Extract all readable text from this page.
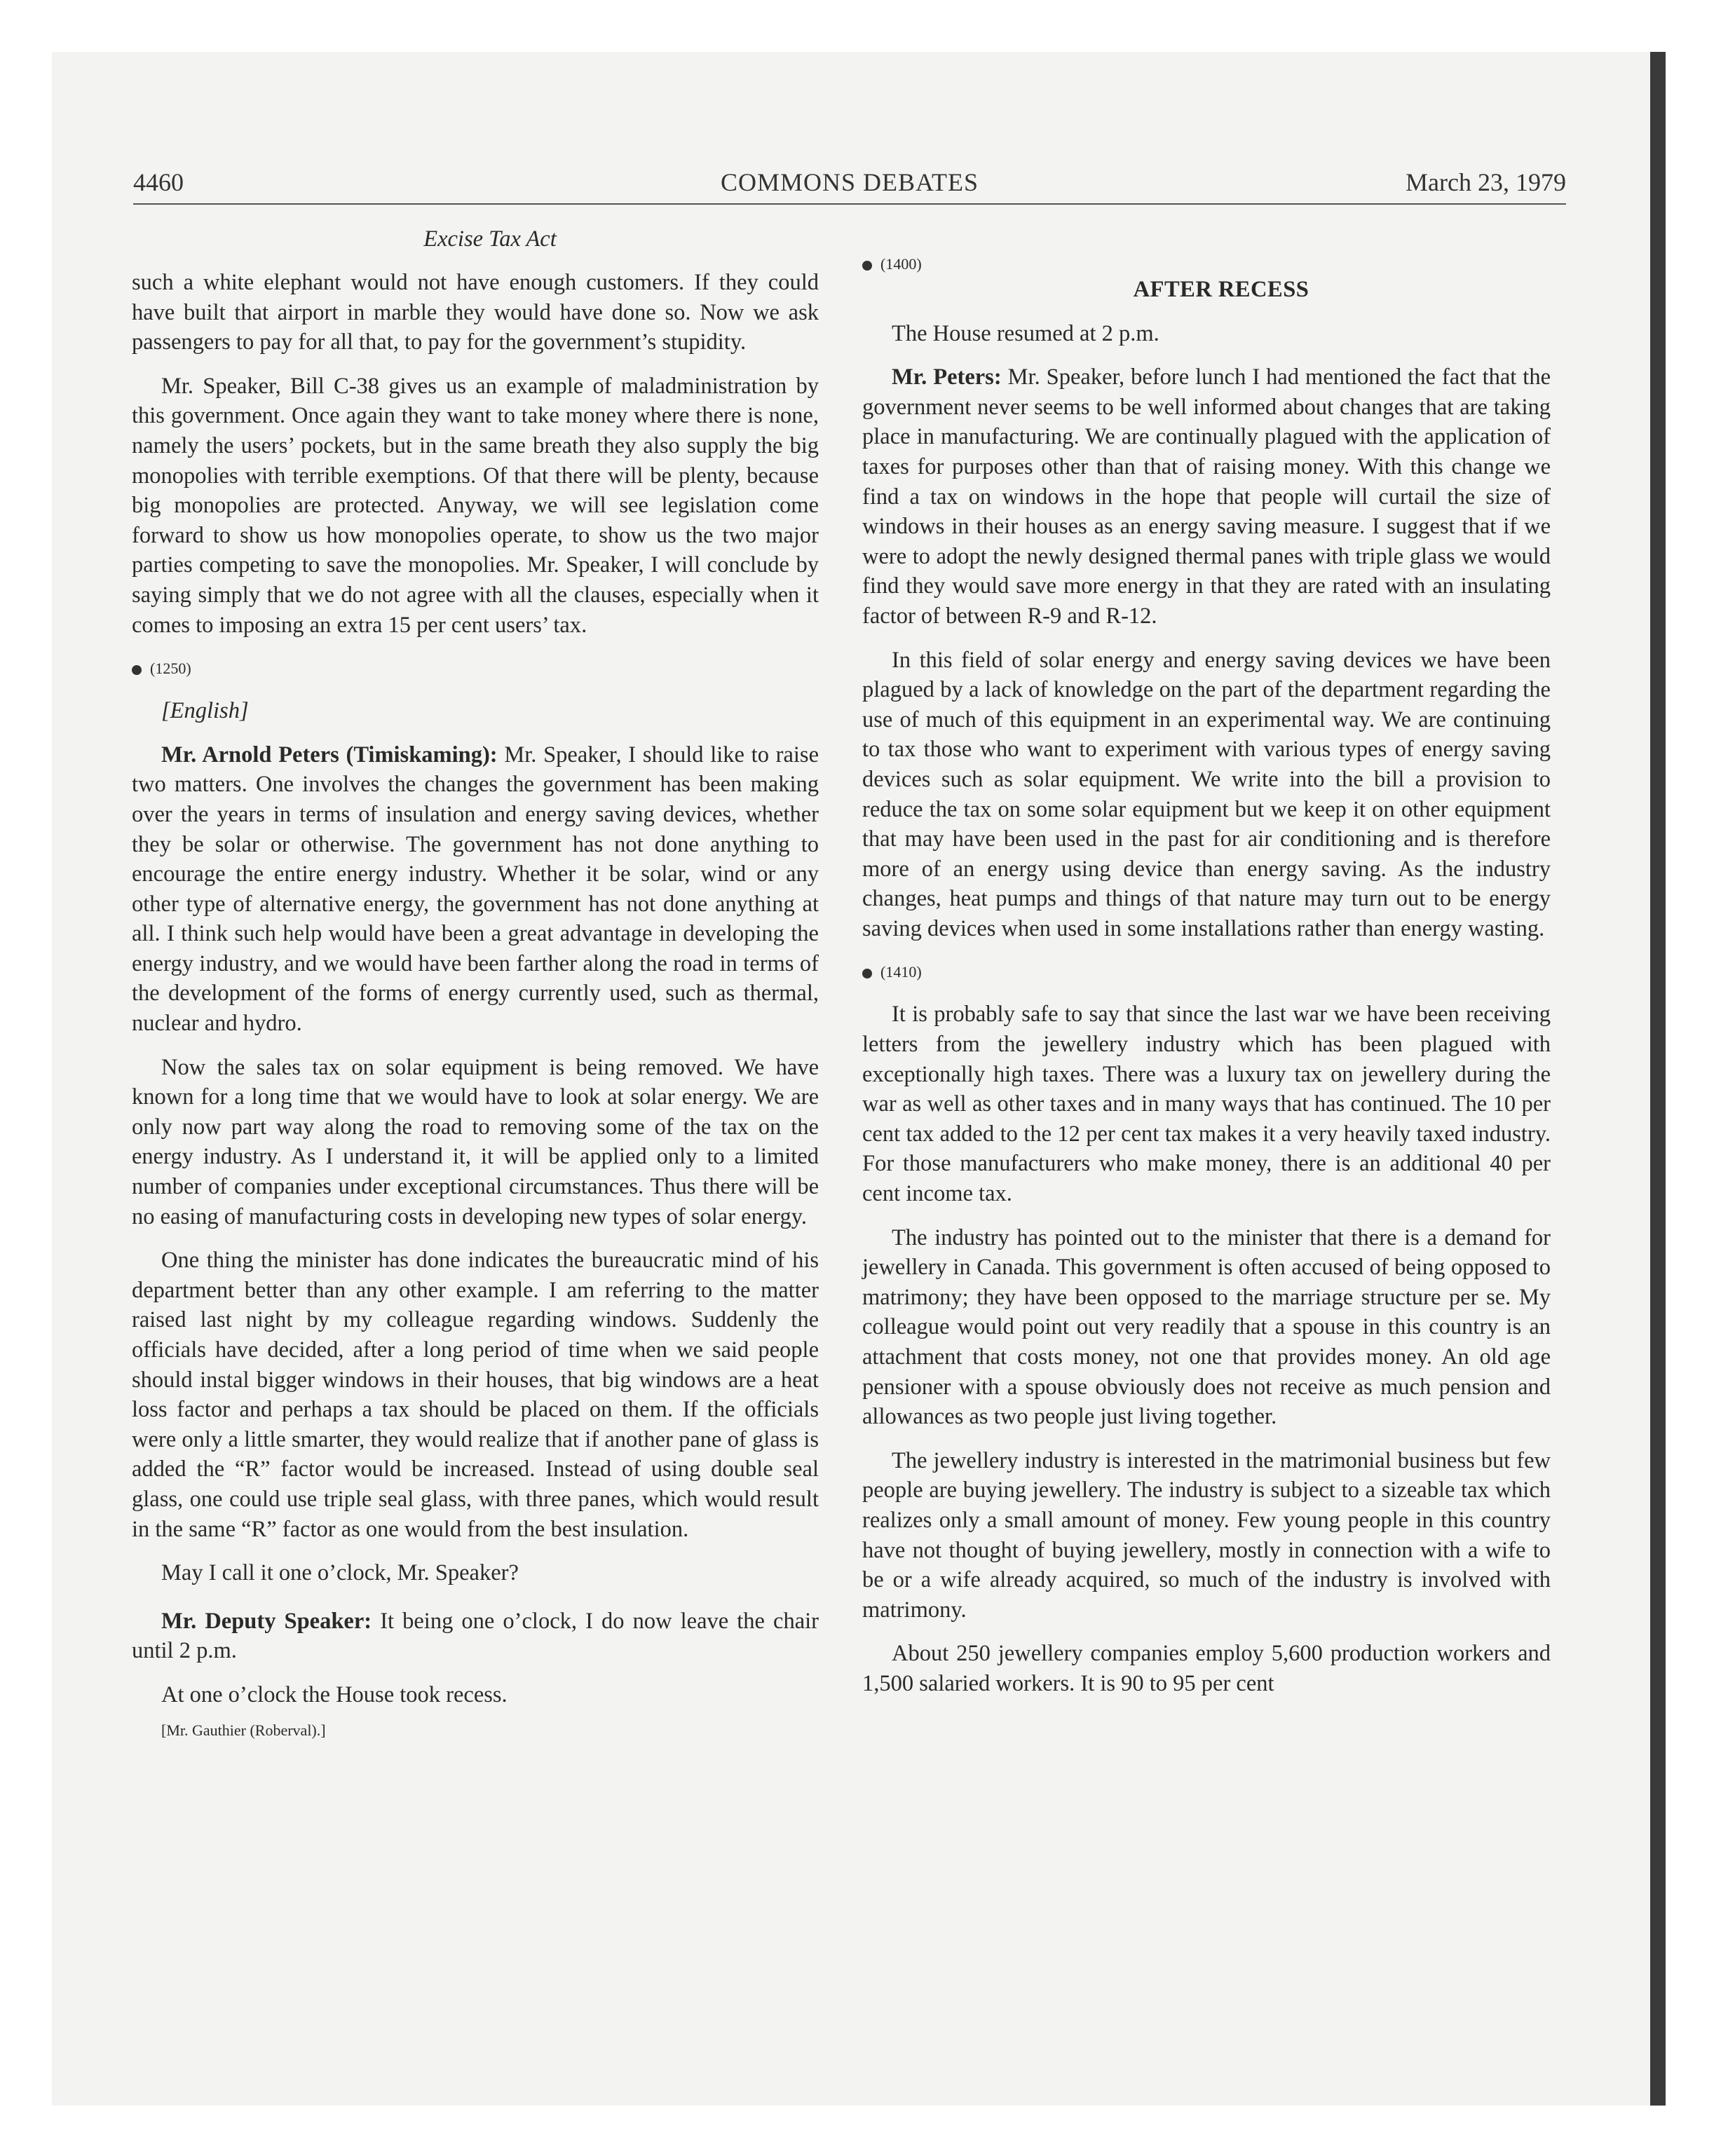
4460	COMMONS DEBATES	March 23, 1979

Excise Tax Act

such a white elephant would not have enough customers. If they could have built that airport in marble they would have done so. Now we ask passengers to pay for all that, to pay for the government’s stupidity.

Mr. Speaker, Bill C-38 gives us an example of maladministration by this government. Once again they want to take money where there is none, namely the users’ pockets, but in the same breath they also supply the big monopolies with terrible exemptions. Of that there will be plenty, because big monopolies are protected. Anyway, we will see legislation come forward to show us how monopolies operate, to show us the two major parties competing to save the monopolies. Mr. Speaker, I will conclude by saying simply that we do not agree with all the clauses, especially when it comes to imposing an extra 15 per cent users’ tax.

(1250)

[English]

Mr. Arnold Peters (Timiskaming): Mr. Speaker, I should like to raise two matters. One involves the changes the government has been making over the years in terms of insulation and energy saving devices, whether they be solar or otherwise. The government has not done anything to encourage the entire energy industry. Whether it be solar, wind or any other type of alternative energy, the government has not done anything at all. I think such help would have been a great advantage in developing the energy industry, and we would have been farther along the road in terms of the development of the forms of energy currently used, such as thermal, nuclear and hydro.

Now the sales tax on solar equipment is being removed. We have known for a long time that we would have to look at solar energy. We are only now part way along the road to removing some of the tax on the energy industry. As I understand it, it will be applied only to a limited number of companies under exceptional circumstances. Thus there will be no easing of manufacturing costs in developing new types of solar energy.

One thing the minister has done indicates the bureaucratic mind of his department better than any other example. I am referring to the matter raised last night by my colleague regarding windows. Suddenly the officials have decided, after a long period of time when we said people should instal bigger windows in their houses, that big windows are a heat loss factor and perhaps a tax should be placed on them. If the officials were only a little smarter, they would realize that if another pane of glass is added the “R” factor would be increased. Instead of using double seal glass, one could use triple seal glass, with three panes, which would result in the same “R” factor as one would from the best insulation.

May I call it one o’clock, Mr. Speaker?

Mr. Deputy Speaker: It being one o’clock, I do now leave the chair until 2 p.m.

At one o’clock the House took recess.

[Mr. Gauthier (Roberval).]
(1400)

AFTER RECESS

The House resumed at 2 p.m.

Mr. Peters: Mr. Speaker, before lunch I had mentioned the fact that the government never seems to be well informed about changes that are taking place in manufacturing. We are continually plagued with the application of taxes for purposes other than that of raising money. With this change we find a tax on windows in the hope that people will curtail the size of windows in their houses as an energy saving measure. I suggest that if we were to adopt the newly designed thermal panes with triple glass we would find they would save more energy in that they are rated with an insulating factor of between R-9 and R-12.

In this field of solar energy and energy saving devices we have been plagued by a lack of knowledge on the part of the department regarding the use of much of this equipment in an experimental way. We are continuing to tax those who want to experiment with various types of energy saving devices such as solar equipment. We write into the bill a provision to reduce the tax on some solar equipment but we keep it on other equipment that may have been used in the past for air conditioning and is therefore more of an energy using device than energy saving. As the industry changes, heat pumps and things of that nature may turn out to be energy saving devices when used in some installations rather than energy wasting.

(1410)

It is probably safe to say that since the last war we have been receiving letters from the jewellery industry which has been plagued with exceptionally high taxes. There was a luxury tax on jewellery during the war as well as other taxes and in many ways that has continued. The 10 per cent tax added to the 12 per cent tax makes it a very heavily taxed industry. For those manufacturers who make money, there is an additional 40 per cent income tax.

The industry has pointed out to the minister that there is a demand for jewellery in Canada. This government is often accused of being opposed to matrimony; they have been opposed to the marriage structure per se. My colleague would point out very readily that a spouse in this country is an attachment that costs money, not one that provides money. An old age pensioner with a spouse obviously does not receive as much pension and allowances as two people just living together.

The jewellery industry is interested in the matrimonial business but few people are buying jewellery. The industry is subject to a sizeable tax which realizes only a small amount of money. Few young people in this country have not thought of buying jewellery, mostly in connection with a wife to be or a wife already acquired, so much of the industry is involved with matrimony.

About 250 jewellery companies employ 5,600 production workers and 1,500 salaried workers. It is 90 to 95 per cent
